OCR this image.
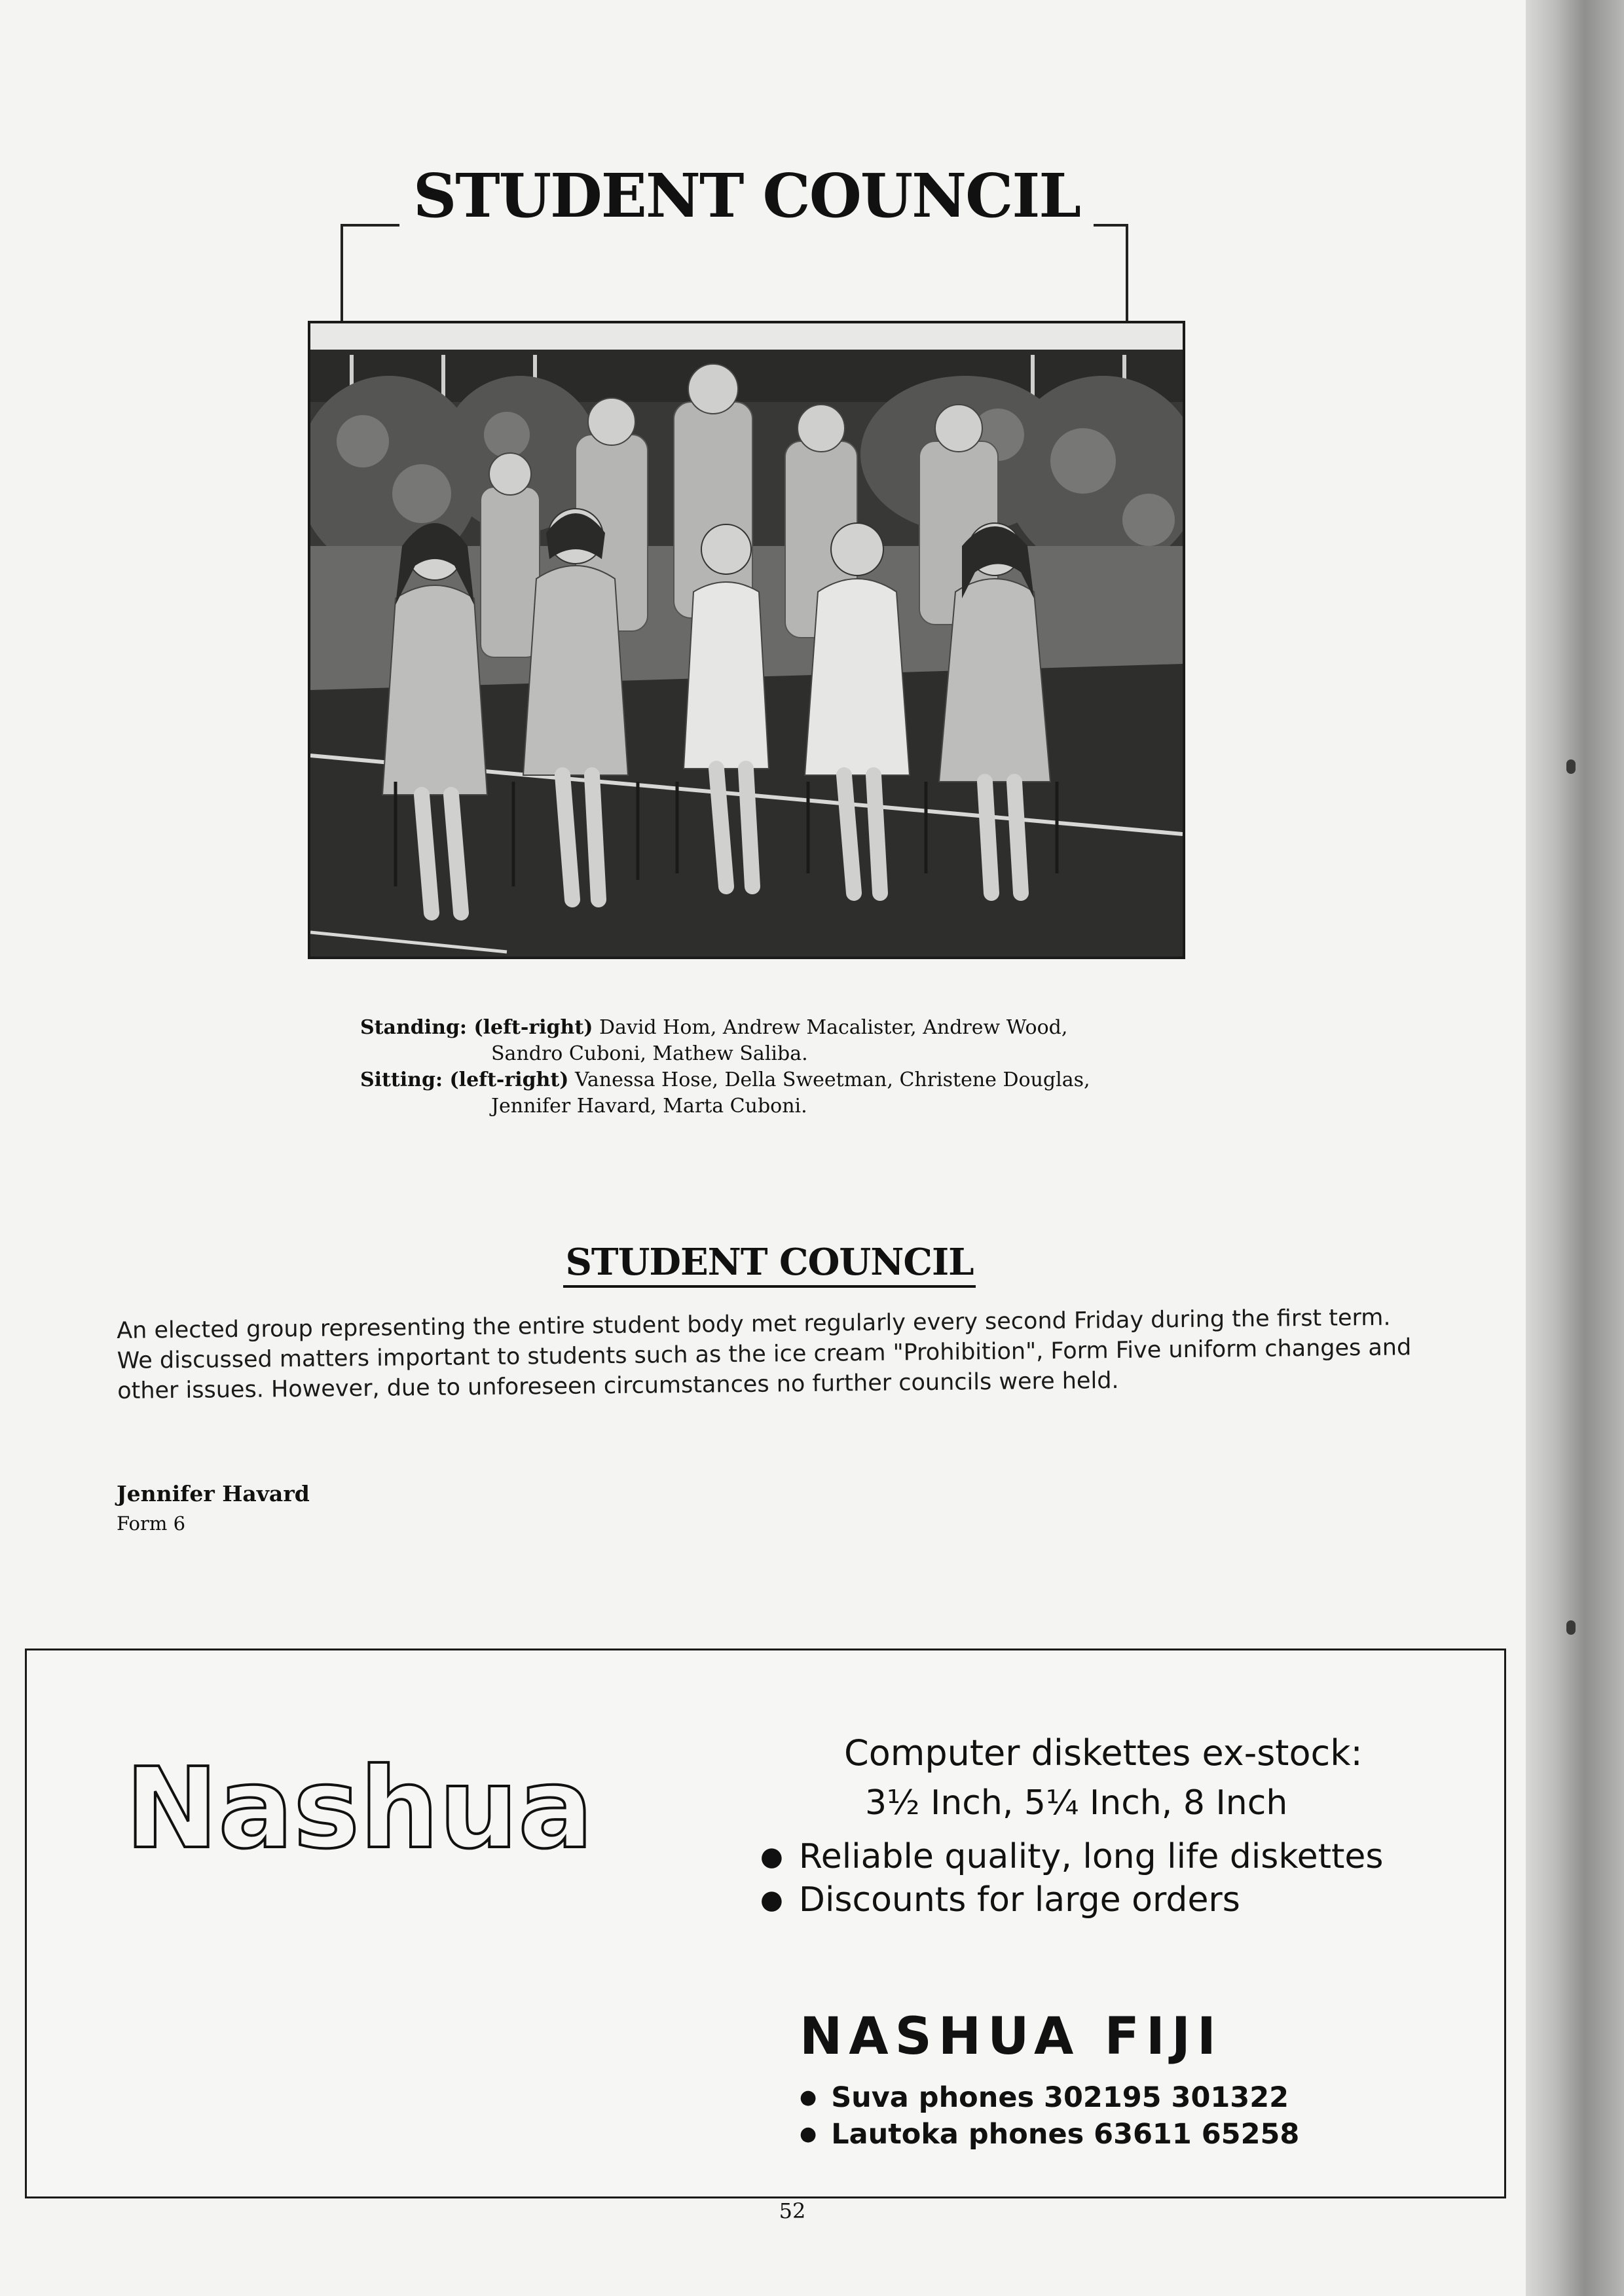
STUDENT COUNCIL
Standing: (left-right) David Hom, Andrew Macalister, Andrew Wood,
Sandro Cuboni, Mathew Saliba.
Sitting: (left-right) Vanessa Hose, Della Sweetman, Christene Douglas,
Jennifer Havard, Marta Cuboni.
STUDENT COUNCIL
An elected group representing the entire student body met regularly every second Friday during the first term. We discussed matters important to students such as the ice cream "Prohibition", Form Five uniform changes and other issues. However, due to unforeseen circumstances no further councils were held.
Jennifer Havard
Form 6
Nashua	Computer diskettes ex-stock:
3½ Inch, 5¼ Inch, 8 Inch
● Reliable quality, long life diskettes
● Discounts for large orders
NASHUA FIJI
● Suva phones 302195 301322
● Lautoka phones 63611 65258
52
